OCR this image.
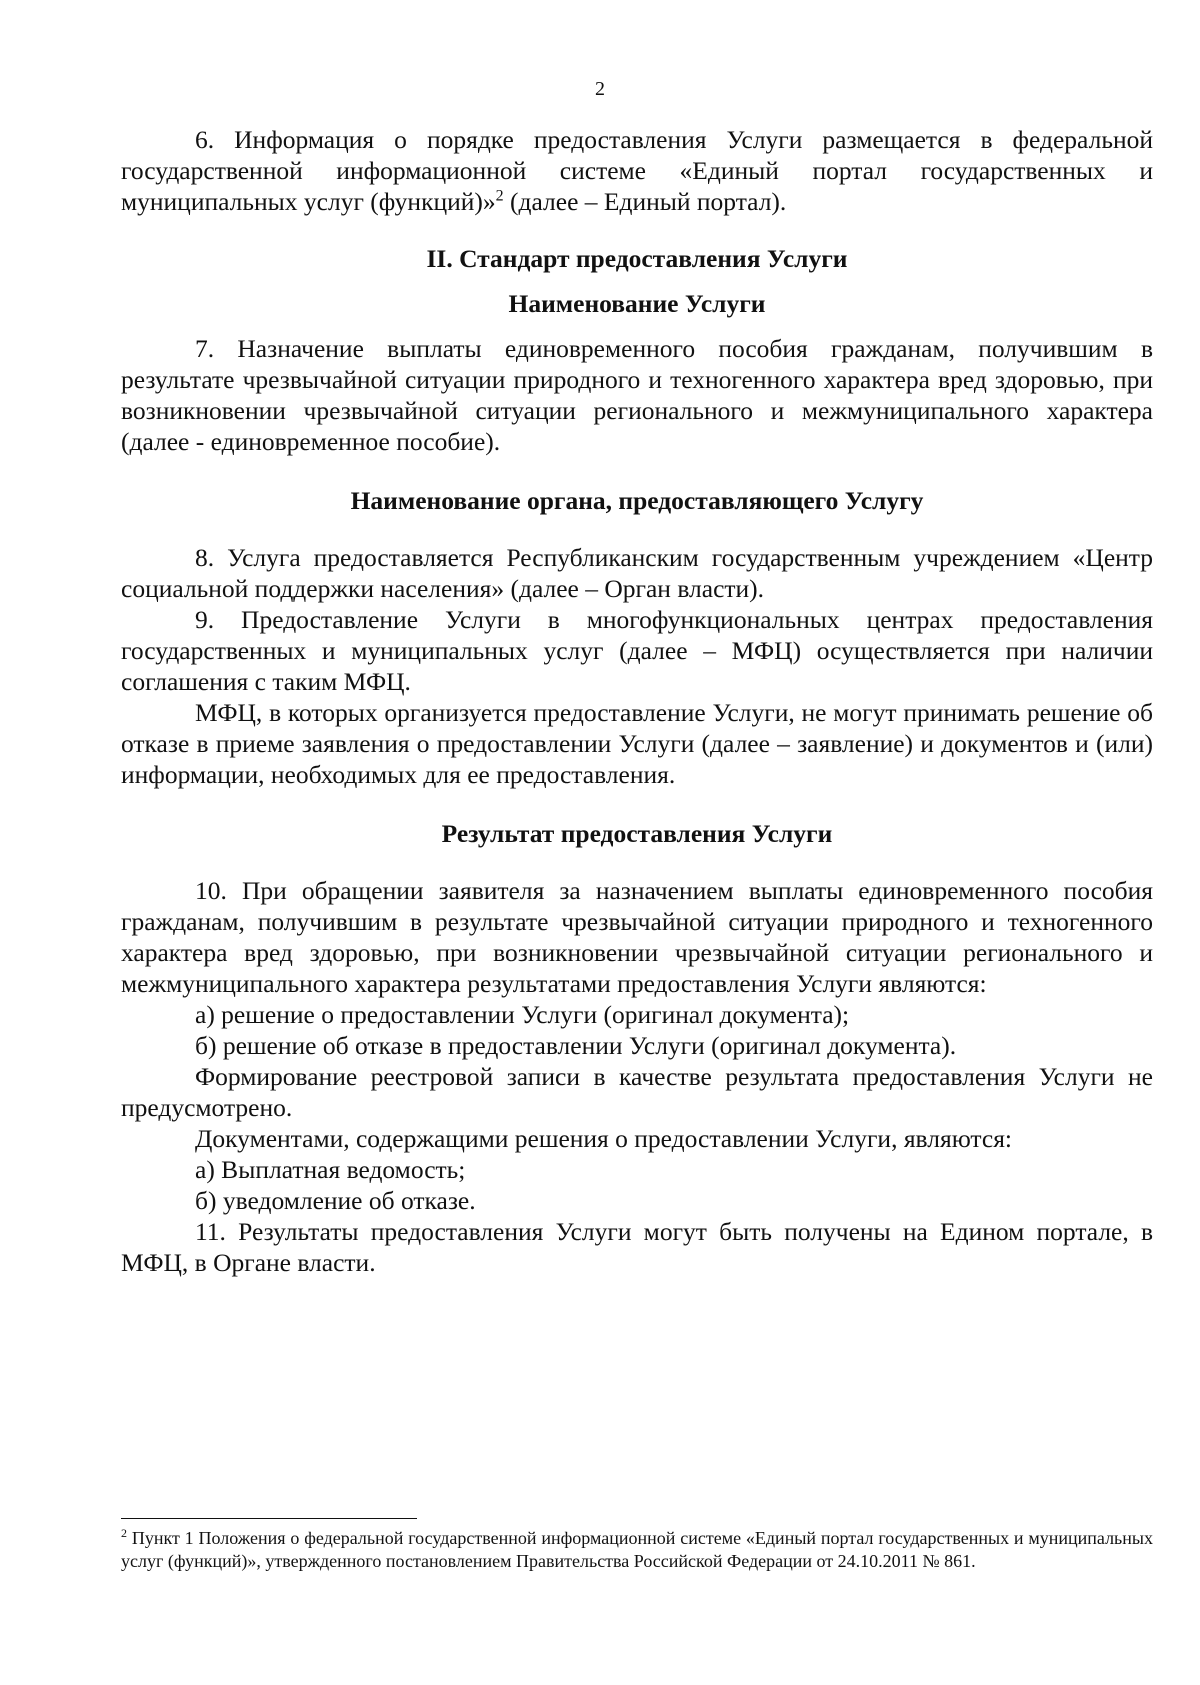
2

6. Информация о порядке предоставления Услуги размещается в федеральной государственной информационной системе «Единый портал государственных и муниципальных услуг (функций)»$^2$ (далее – Единый портал).

II. Стандарт предоставления Услуги
Наименование Услуги

7. Назначение выплаты единовременного пособия гражданам, получившим в результате чрезвычайной ситуации природного и техногенного характера вред здоровью, при возникновении чрезвычайной ситуации регионального и межмуниципального характера (далее - единовременное пособие).

Наименование органа, предоставляющего Услугу

8. Услуга предоставляется Республиканским государственным учреждением «Центр социальной поддержки населения» (далее – Орган власти).

9. Предоставление Услуги в многофункциональных центрах предоставления государственных и муниципальных услуг (далее – МФЦ) осуществляется при наличии соглашения с таким МФЦ.

МФЦ, в которых организуется предоставление Услуги, не могут принимать решение об отказе в приеме заявления о предоставлении Услуги (далее – заявление) и документов и (или) информации, необходимых для ее предоставления.

Результат предоставления Услуги

10. При обращении заявителя за назначением выплаты единовременного пособия гражданам, получившим в результате чрезвычайной ситуации природного и техногенного характера вред здоровью, при возникновении чрезвычайной ситуации регионального и межмуниципального характера результатами предоставления Услуги являются:

а) решение о предоставлении Услуги (оригинал документа);

б) решение об отказе в предоставлении Услуги (оригинал документа).

Формирование реестровой записи в качестве результата предоставления Услуги не предусмотрено.

Документами, содержащими решения о предоставлении Услуги, являются:

а) Выплатная ведомость;

б) уведомление об отказе.

11. Результаты предоставления Услуги могут быть получены на Едином портале, в МФЦ, в Органе власти.

$^2$ Пункт 1 Положения о федеральной государственной информационной системе «Единый портал государственных и муниципальных услуг (функций)», утвержденного постановлением Правительства Российской Федерации от 24.10.2011 № 861.
